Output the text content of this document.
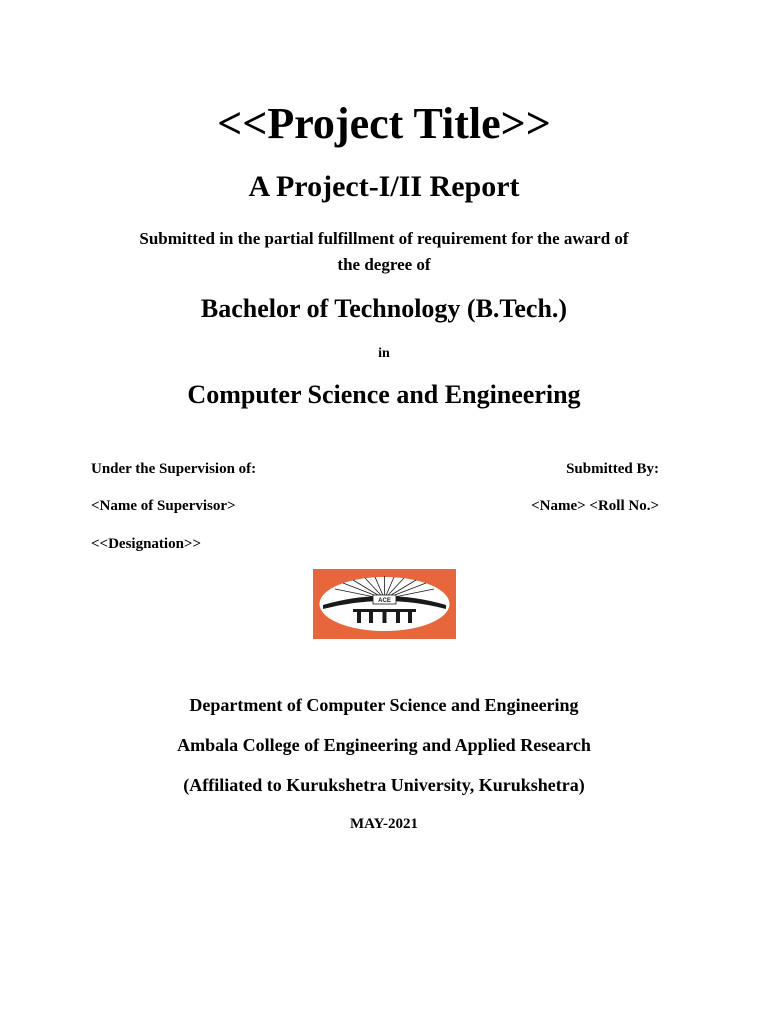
<<Project Title>>
A Project-I/II Report
Submitted in the partial fulfillment of requirement for the award of
the degree of
Bachelor of Technology (B.Tech.)
in
Computer Science and Engineering
Under the Supervision of:	Submitted By:
<Name of Supervisor>	<Name> <Roll No.>
<<Designation>>
ACE
Department of Computer Science and Engineering
Ambala College of Engineering and Applied Research
(Affiliated to Kurukshetra University, Kurukshetra)
MAY-2021
